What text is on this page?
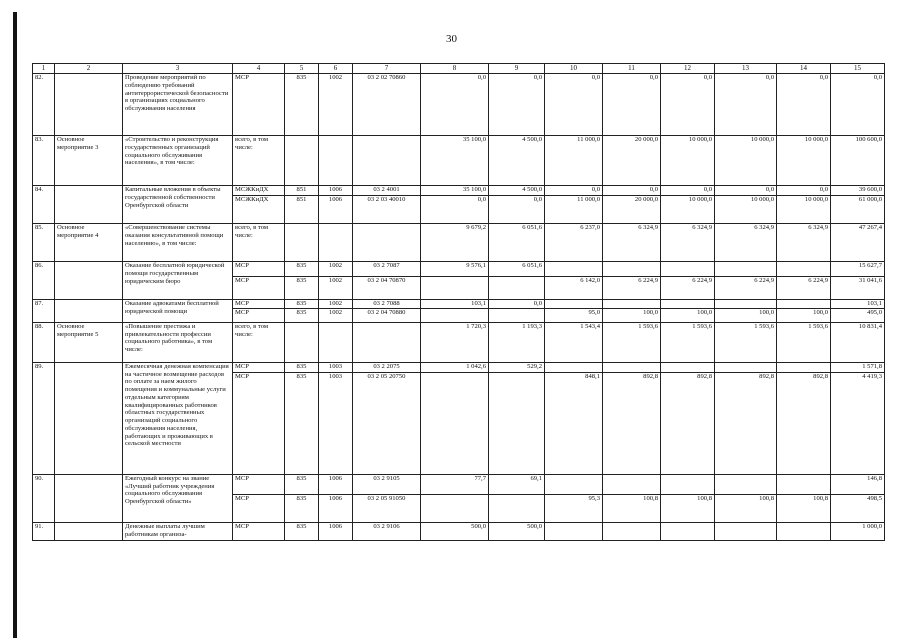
30
1	2	3	4	5	6	7	8	9	10	11	12	13	14	15
82.		Проведение мероприятий по соблюдению требований антитеррористической безопасности в организациях социального обслуживания населения	МСР	835	1002	03 2 02 70860	0,0	0,0	0,0	0,0	0,0	0,0	0,0	0,0
83.	Основное мероприятие 3	«Строительство и реконструкция государственных организаций социального обслуживания населения», в том числе:	всего, в том числе:				35 100,0	4 500,0	11 000,0	20 000,0	10 000,0	10 000,0	10 000,0	100 600,0
84.		Капитальные вложения в объекты государственной собственности Оренбургской области	МСЖКиДХ	851	1006	03 2 4001	35 100,0	4 500,0	0,0	0,0	0,0	0,0	0,0	39 600,0
			МСЖКиДХ	851	1006	03 2 03 40010	0,0	0,0	11 000,0	20 000,0	10 000,0	10 000,0	10 000,0	61 000,0
85.	Основное мероприятие 4	«Совершенствование системы оказания консультативной помощи населению», в том числе:	всего, в том числе:				9 679,2	6 051,6	6 237,0	6 324,9	6 324,9	6 324,9	6 324,9	47 267,4
86.		Оказание бесплатной юридической помощи государственным юридическим бюро	МСР	835	1002	03 2 7087	9 576,1	6 051,6						15 627,7
			МСР	835	1002	03 2 04 70870			6 142,0	6 224,9	6 224,9	6 224,9	6 224,9	31 041,6
87.		Оказание адвокатами бесплатной юридической помощи	МСР	835	1002	03 2 7088	103,1	0,0						103,1
			МСР	835	1002	03 2 04 70880			95,0	100,0	100,0	100,0	100,0	495,0
88.	Основное мероприятие 5	«Повышение престижа и привлекательности профессии социального работника», в том числе:	всего, в том числе:				1 720,3	1 193,3	1 543,4	1 593,6	1 593,6	1 593,6	1 593,6	10 831,4
89.		Ежемесячная денежная компенсация на частичное возмещение расходов по оплате за наем жилого помещения и коммунальные услуги отдельным категориям квалифицированных работников областных государственных организаций социального обслуживания населения, работающих и проживающих в сельской местности	МСР	835	1003	03 2 2075	1 042,6	529,2						1 571,8
			МСР	835	1003	03 2 05 20750			848,1	892,8	892,8	892,8	892,8	4 419,3
90.		Ежегодный конкурс на звание «Лучший работник учреждения социального обслуживания Оренбургской области»	МСР	835	1006	03 2 9105	77,7	69,1						146,8
			МСР	835	1006	03 2 05 91050			95,3	100,8	100,8	100,8	100,8	498,5
91.		Денежные выплаты лучшим работникам организа-	МСР	835	1006	03 2 9106	500,0	500,0						1 000,0
